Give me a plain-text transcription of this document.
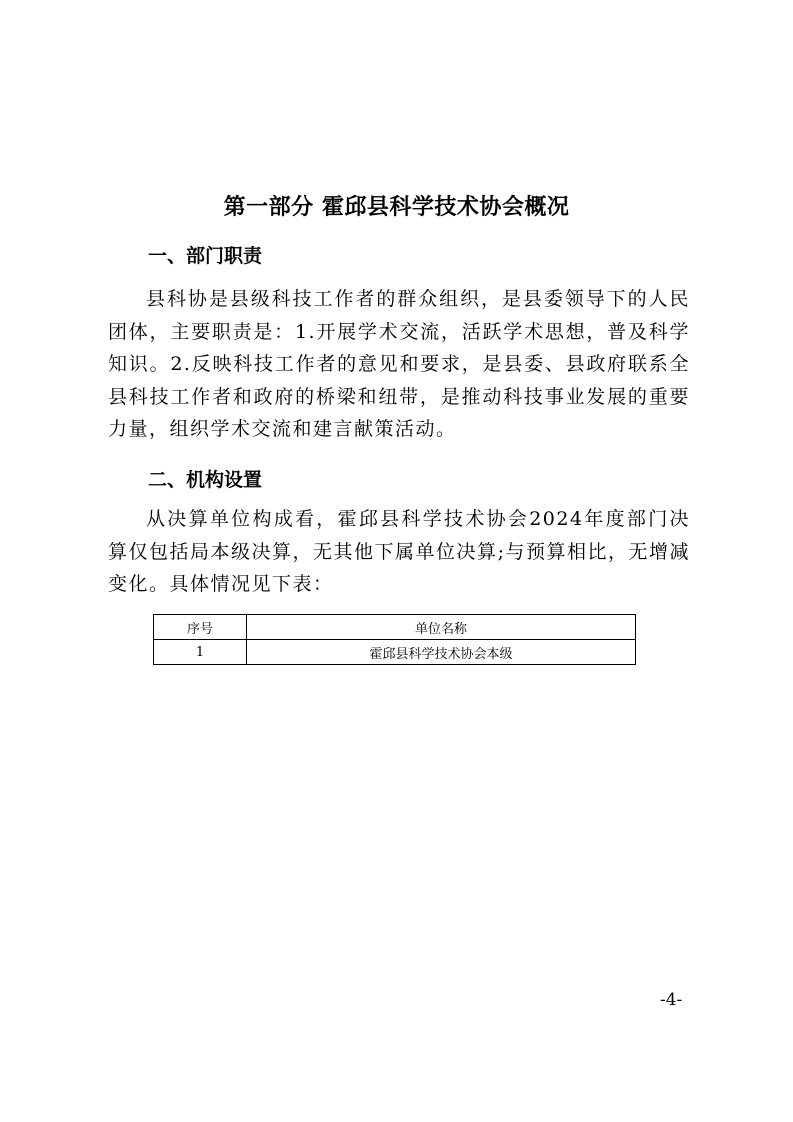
第一部分 霍邱县科学技术协会概况
一、部门职责

县科协是县级科技工作者的群众组织，是县委领导下的人民团体，主要职责是：1.开展学术交流，活跃学术思想，普及科学知识。2.反映科技工作者的意见和要求，是县委、县政府联系全县科技工作者和政府的桥梁和纽带，是推动科技事业发展的重要力量，组织学术交流和建言献策活动。

二、机构设置

从决算单位构成看，霍邱县科学技术协会2024年度部门决算仅包括局本级决算，无其他下属单位决算;与预算相比，无增减变化。具体情况见下表：

序号	单位名称
1	霍邱县科学技术协会本级
-4-
